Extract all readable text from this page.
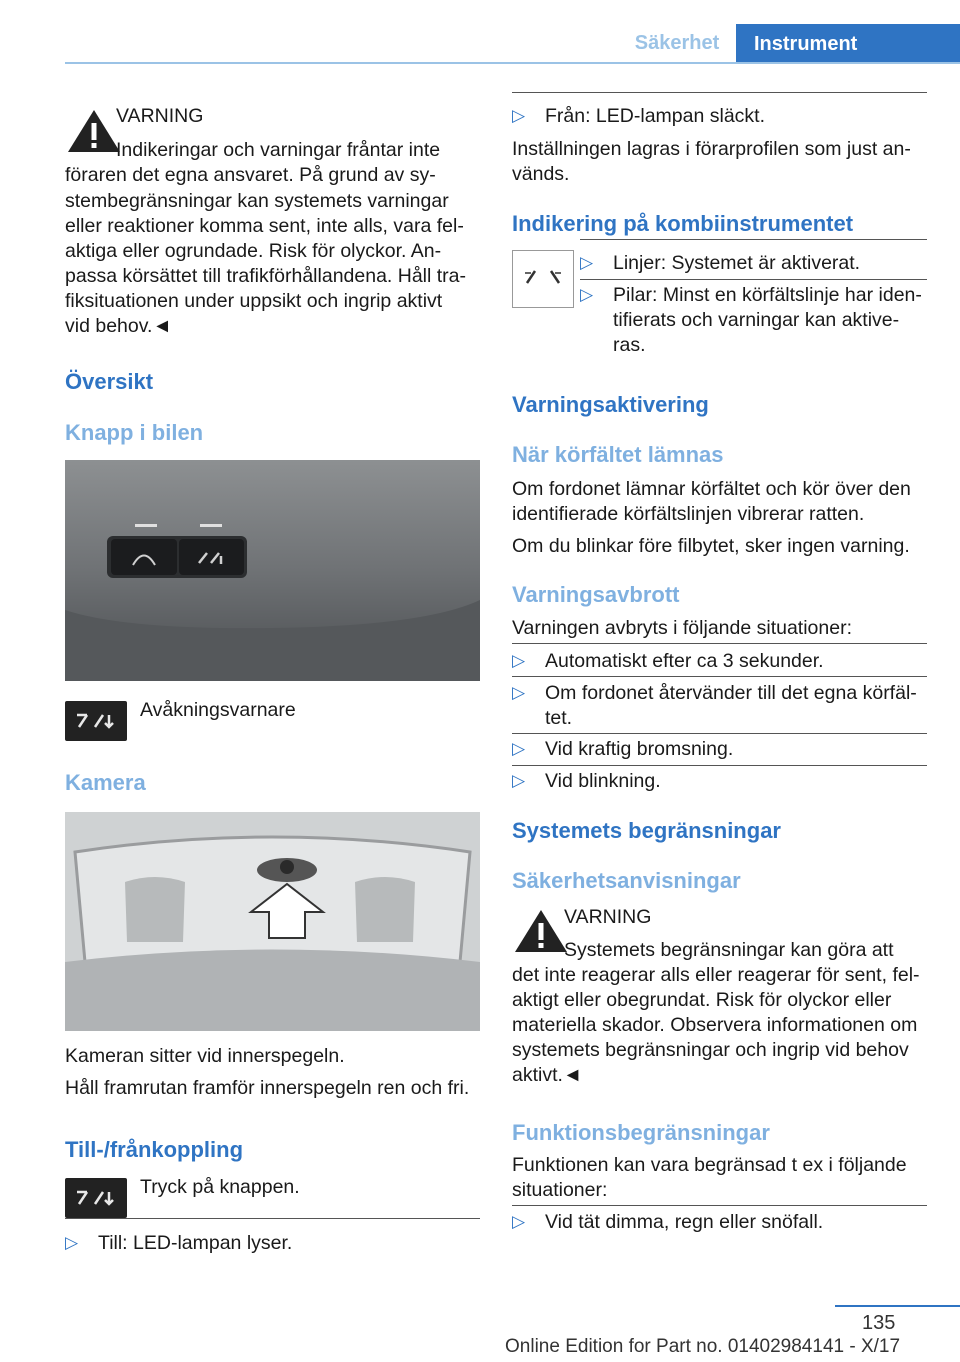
Säkerhet	Instrument
VARNING
Indikeringar och varningar fråntar inte
föraren det egna ansvaret. På grund av sy-
stembegränsningar kan systemets varningar
eller reaktioner komma sent, inte alls, vara fel-
aktiga eller ogrundade. Risk för olyckor. An-
passa körsättet till trafikförhållandena. Håll tra-
fiksituationen under uppsikt och ingrip aktivt
vid behov.◄
Översikt
Knapp i bilen
Avåkningsvarnare
Kamera
Kameran sitter vid innerspegeln.
Håll framrutan framför innerspegeln ren och fri.
Till-/frånkoppling
Tryck på knappen.
▷ Till: LED-lampan lyser.
▷ Från: LED-lampan släckt.
Inställningen lagras i förarprofilen som just an-
vänds.
Indikering på kombiinstrumentet
▷ Linjer: Systemet är aktiverat.
▷ Pilar: Minst en körfältslinje har iden-
tifierats och varningar kan aktive-
ras.
Varningsaktivering
När körfältet lämnas
Om fordonet lämnar körfältet och kör över den
identifierade körfältslinjen vibrerar ratten.
Om du blinkar före filbytet, sker ingen varning.
Varningsavbrott
Varningen avbryts i följande situationer:
▷ Automatiskt efter ca 3 sekunder.
▷ Om fordonet återvänder till det egna körfäl-
tet.
▷ Vid kraftig bromsning.
▷ Vid blinkning.
Systemets begränsningar
Säkerhetsanvisningar
VARNING
Systemets begränsningar kan göra att
det inte reagerar alls eller reagerar för sent, fel-
aktigt eller obegrundat. Risk för olyckor eller
materiella skador. Observera informationen om
systemets begränsningar och ingrip vid behov
aktivt.◄
Funktionsbegränsningar
Funktionen kan vara begränsad t ex i följande
situationer:
▷ Vid tät dimma, regn eller snöfall.
135
Online Edition for Part no. 01402984141 - X/17
